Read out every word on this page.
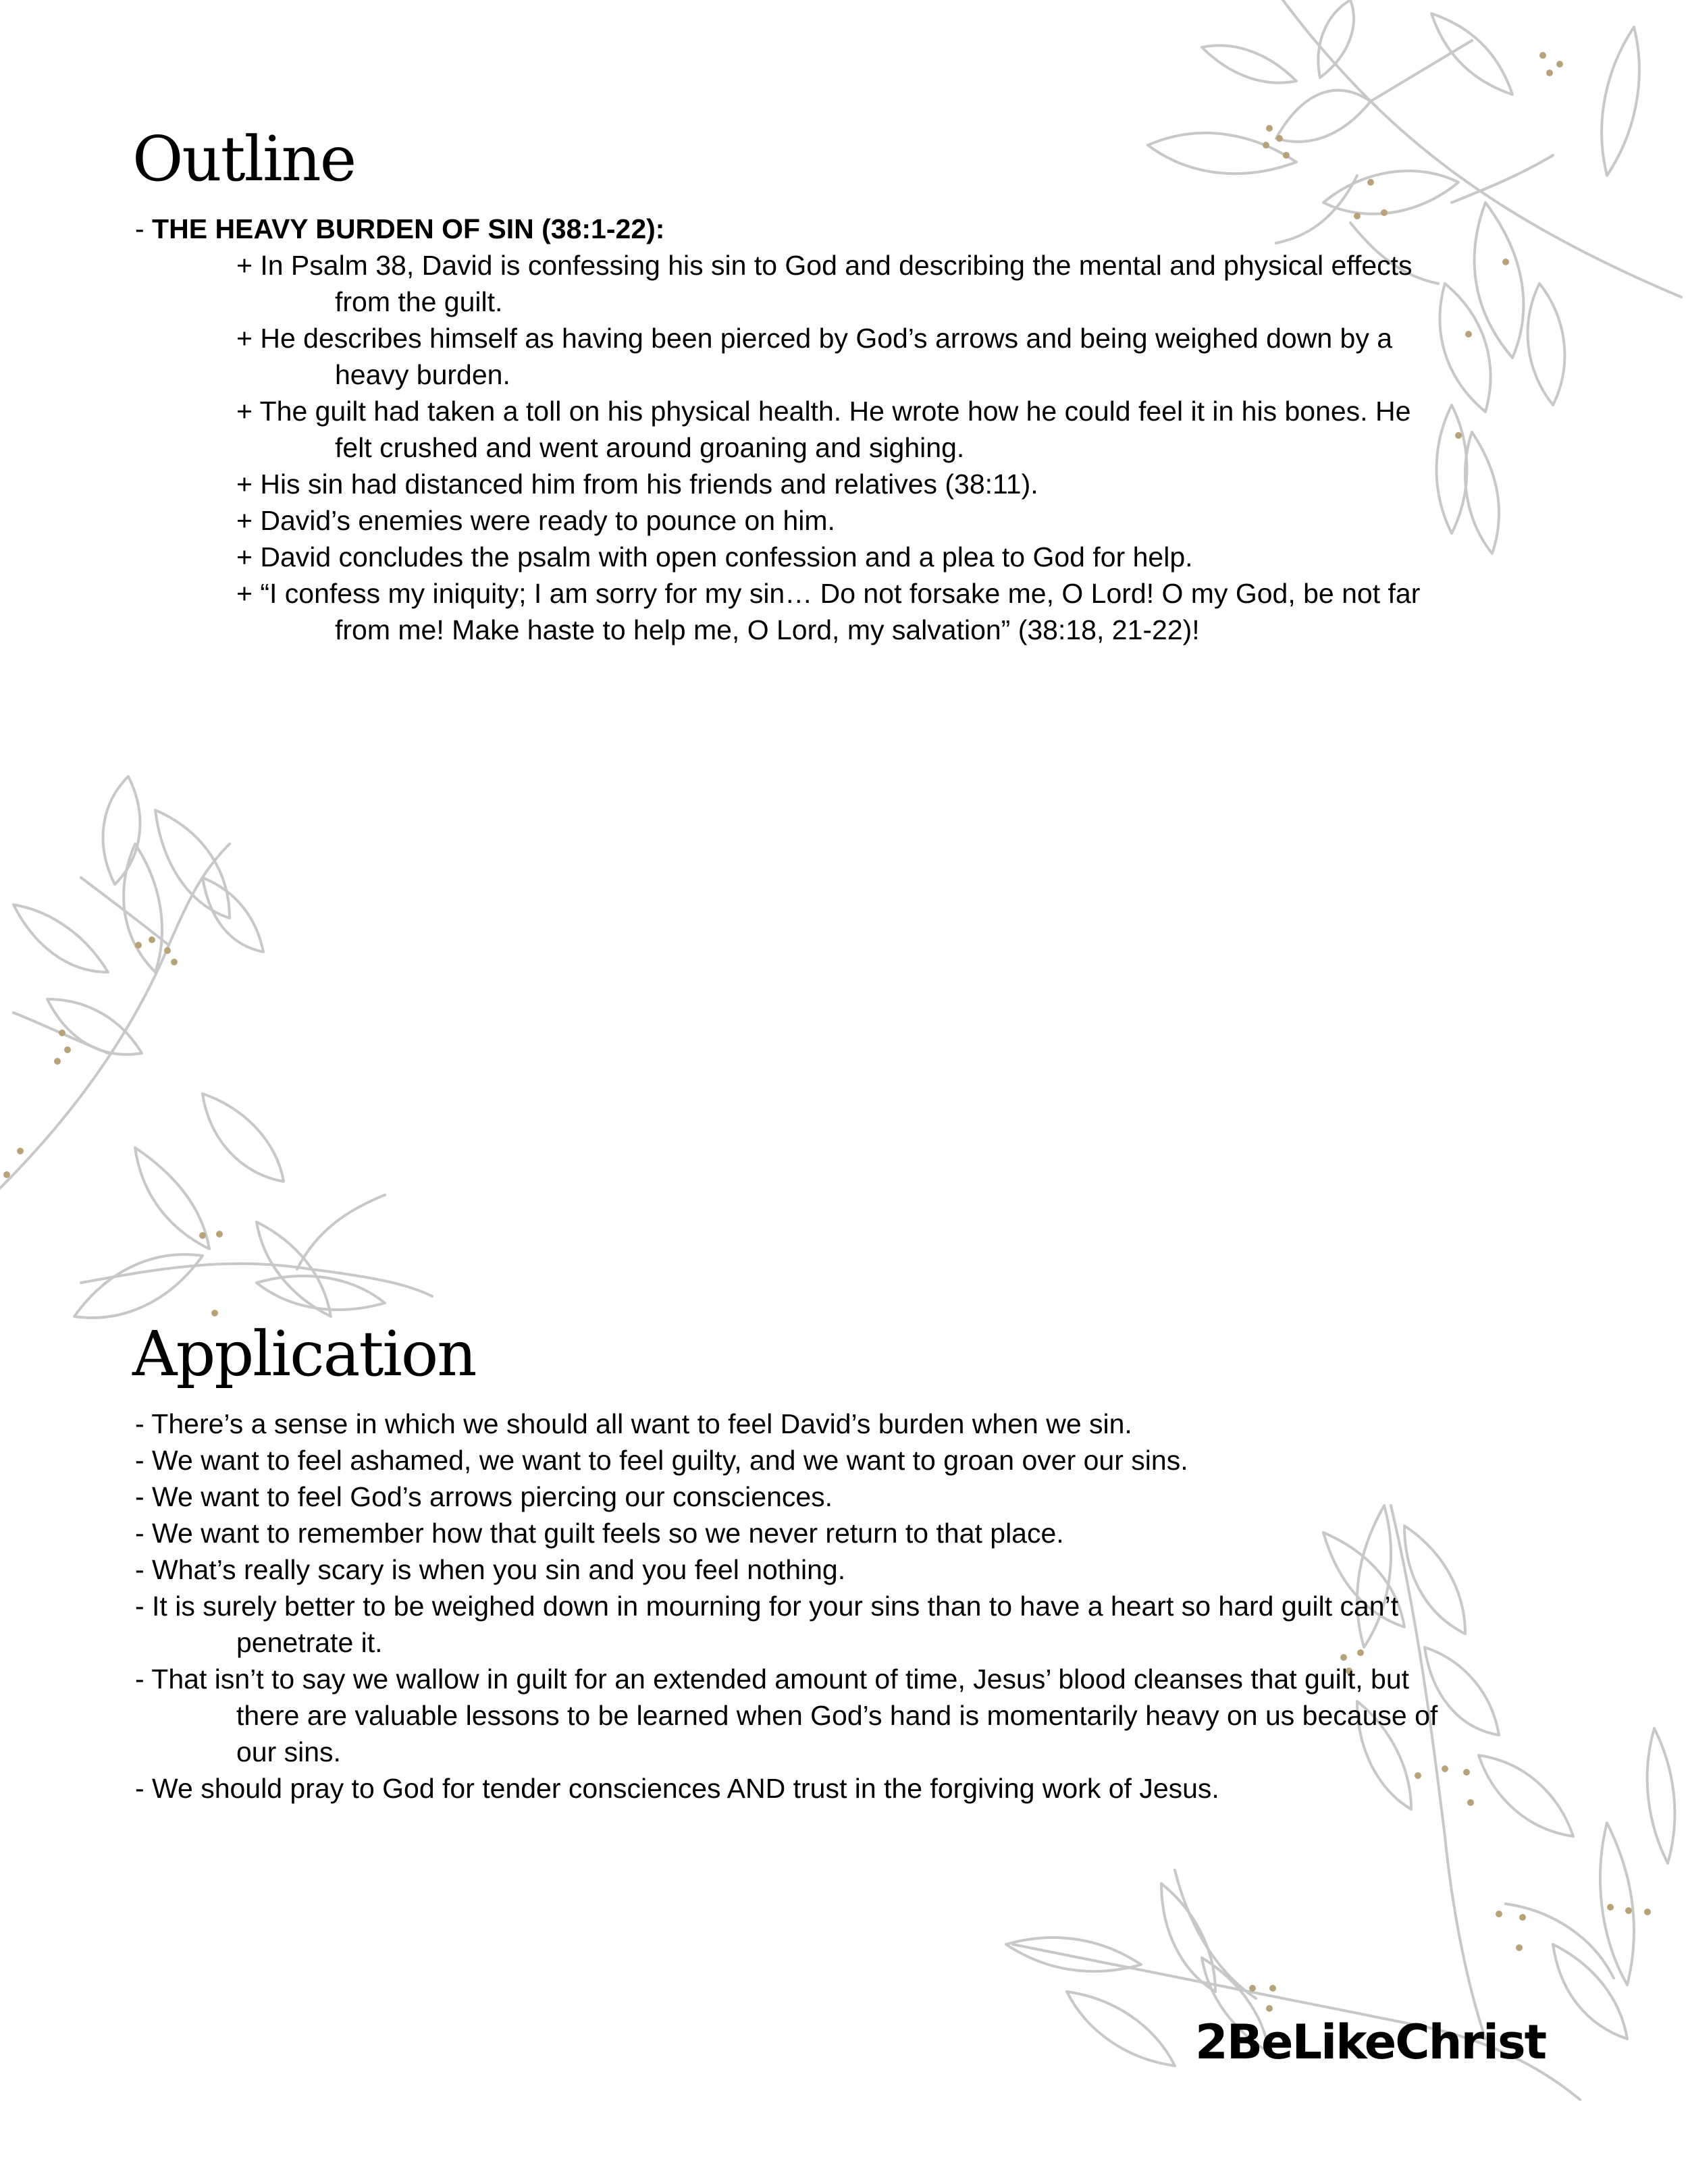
Outline
- THE HEAVY BURDEN OF SIN (38:1-22):
+ In Psalm 38, David is confessing his sin to God and describing the mental and physical effects
from the guilt.
+ He describes himself as having been pierced by God’s arrows and being weighed down by a
heavy burden.
+ The guilt had taken a toll on his physical health. He wrote how he could feel it in his bones. He
felt crushed and went around groaning and sighing.
+ His sin had distanced him from his friends and relatives (38:11).
+ David’s enemies were ready to pounce on him.
+ David concludes the psalm with open confession and a plea to God for help.
+ “I confess my iniquity; I am sorry for my sin… Do not forsake me, O Lord! O my God, be not far
from me! Make haste to help me, O Lord, my salvation” (38:18, 21-22)!
Application
- There’s a sense in which we should all want to feel David’s burden when we sin.
- We want to feel ashamed, we want to feel guilty, and we want to groan over our sins.
- We want to feel God’s arrows piercing our consciences.
- We want to remember how that guilt feels so we never return to that place.
- What’s really scary is when you sin and you feel nothing.
- It is surely better to be weighed down in mourning for your sins than to have a heart so hard guilt can’t
penetrate it.
- That isn’t to say we wallow in guilt for an extended amount of time, Jesus’ blood cleanses that guilt, but
there are valuable lessons to be learned when God’s hand is momentarily heavy on us because of
our sins.
- We should pray to God for tender consciences AND trust in the forgiving work of Jesus.
2BeLikeChrist
